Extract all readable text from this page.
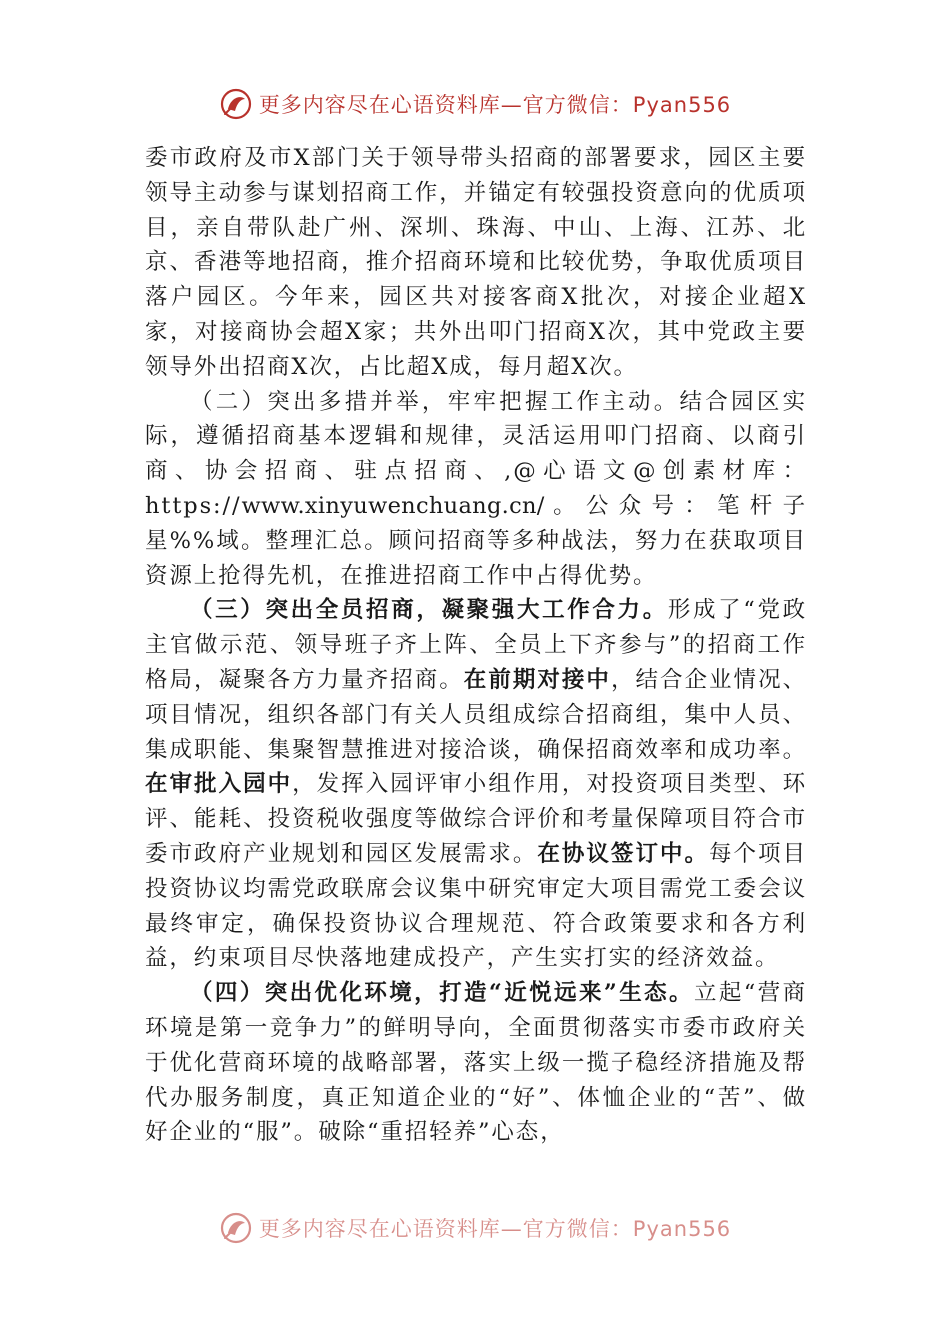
更多内容尽在心语资料库—官方微信：Pyan556

委市政府及市X部门关于领导带头招商的部署要求，园区主要领导主动参与谋划招商工作，并锚定有较强投资意向的优质项目，亲自带队赴广州、深圳、珠海、中山、上海、江苏、北京、香港等地招商，推介招商环境和比较优势，争取优质项目落户园区。今年来，园区共对接客商X批次，对接企业超X家，对接商协会超X家；共外出叩门招商X次，其中党政主要领导外出招商X次，占比超X成，每月超X次。

（二）突出多措并举，牢牢把握工作主动。结合园区实际，遵循招商基本逻辑和规律，灵活运用叩门招商、以商引商、协会招商、驻点招商、,@心语文@创素材库：https://www.xinyuwenchuang.cn/。公众号：笔杆子星%%域。整理汇总。顾问招商等多种战法，努力在获取项目资源上抢得先机，在推进招商工作中占得优势。

（三）突出全员招商，凝聚强大工作合力。形成了“党政主官做示范、领导班子齐上阵、全员上下齐参与”的招商工作格局，凝聚各方力量齐招商。在前期对接中，结合企业情况、项目情况，组织各部门有关人员组成综合招商组，集中人员、集成职能、集聚智慧推进对接洽谈，确保招商效率和成功率。在审批入园中，发挥入园评审小组作用，对投资项目类型、环评、能耗、投资税收强度等做综合评价和考量保障项目符合市委市政府产业规划和园区发展需求。在协议签订中。每个项目投资协议均需党政联席会议集中研究审定大项目需党工委会议最终审定，确保投资协议合理规范、符合政策要求和各方利益，约束项目尽快落地建成投产，产生实打实的经济效益。

（四）突出优化环境，打造“近悦远来”生态。立起“营商环境是第一竞争力”的鲜明导向，全面贯彻落实市委市政府关于优化营商环境的战略部署，落实上级一揽子稳经济措施及帮代办服务制度，真正知道企业的“好”、体恤企业的“苦”、做好企业的“服”。破除“重招轻养”心态，

更多内容尽在心语资料库—官方微信：Pyan556
